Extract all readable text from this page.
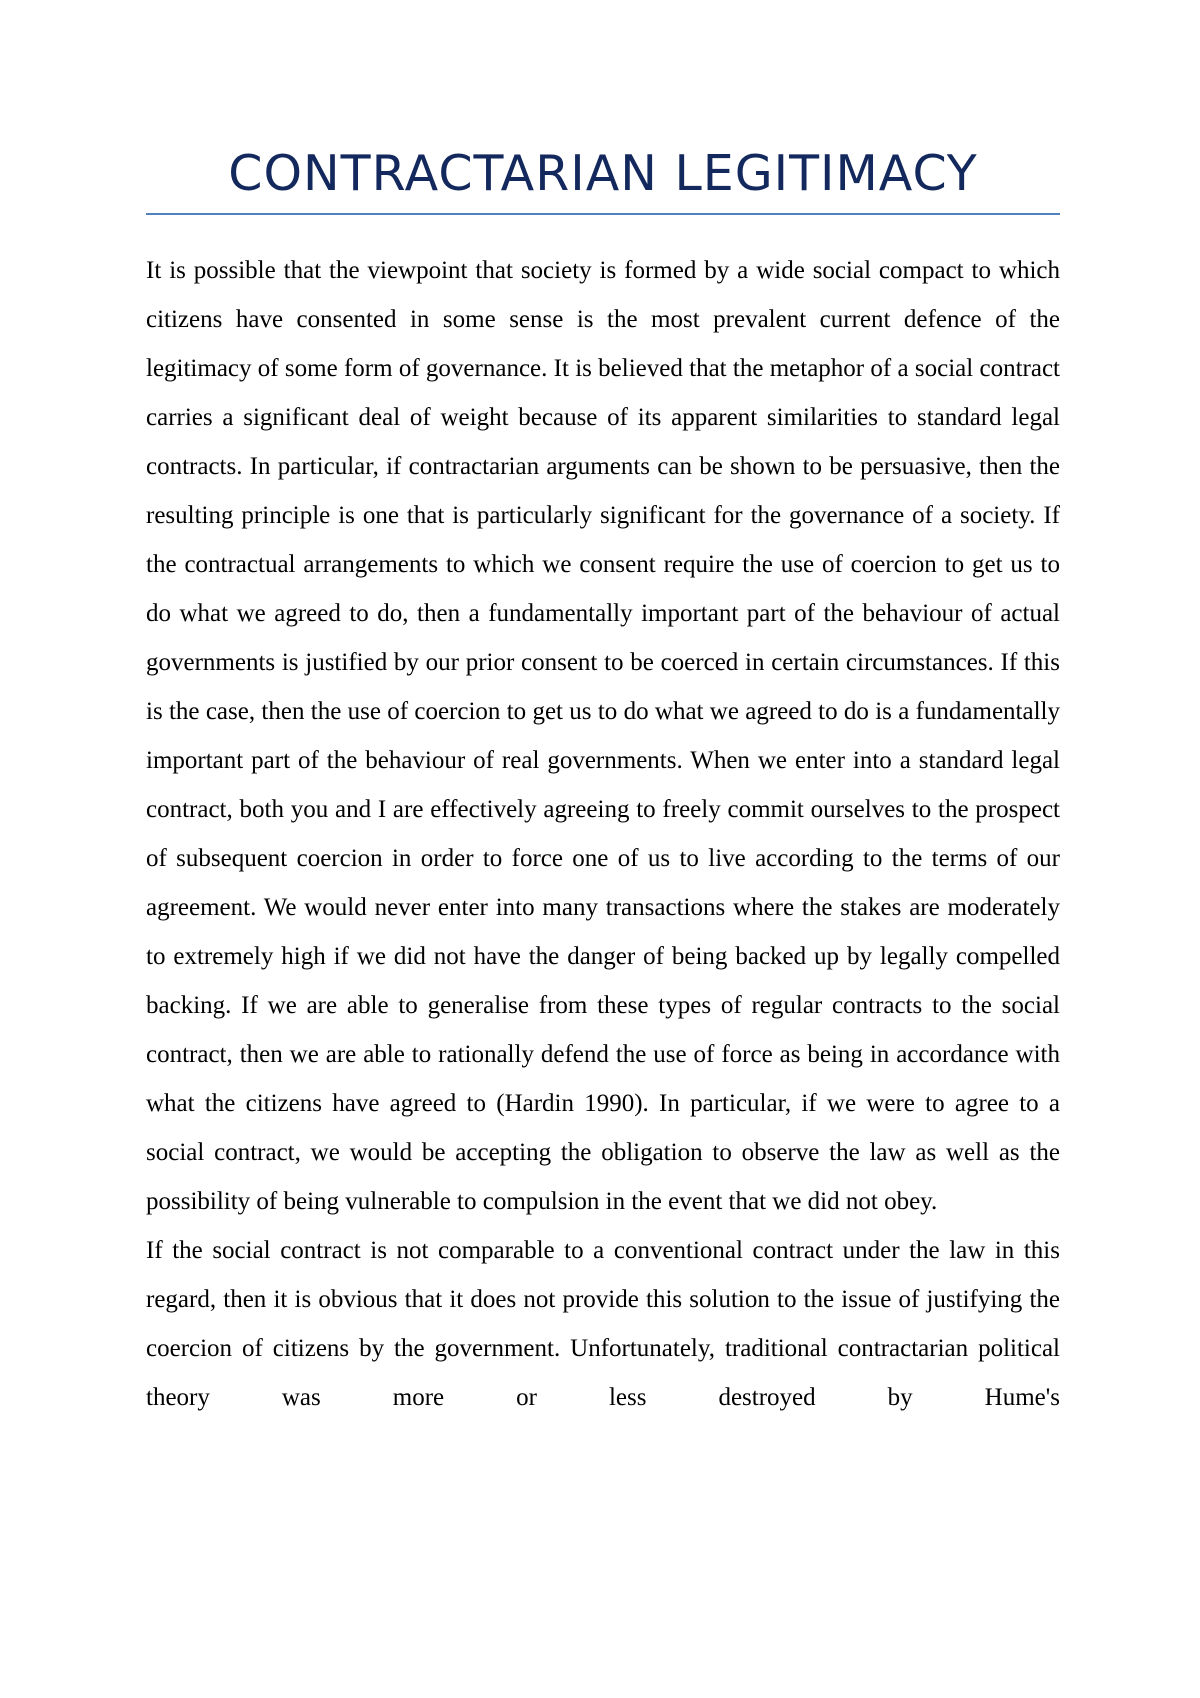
CONTRACTARIAN LEGITIMACY

It is possible that the viewpoint that society is formed by a wide social compact to which citizens have consented in some sense is the most prevalent current defence of the legitimacy of some form of governance. It is believed that the metaphor of a social contract carries a significant deal of weight because of its apparent similarities to standard legal contracts. In particular, if contractarian arguments can be shown to be persuasive, then the resulting principle is one that is particularly significant for the governance of a society. If the contractual arrangements to which we consent require the use of coercion to get us to do what we agreed to do, then a fundamentally important part of the behaviour of actual governments is justified by our prior consent to be coerced in certain circumstances. If this is the case, then the use of coercion to get us to do what we agreed to do is a fundamentally important part of the behaviour of real governments. When we enter into a standard legal contract, both you and I are effectively agreeing to freely commit ourselves to the prospect of subsequent coercion in order to force one of us to live according to the terms of our agreement. We would never enter into many transactions where the stakes are moderately to extremely high if we did not have the danger of being backed up by legally compelled backing. If we are able to generalise from these types of regular contracts to the social contract, then we are able to rationally defend the use of force as being in accordance with what the citizens have agreed to (Hardin 1990). In particular, if we were to agree to a social contract, we would be accepting the obligation to observe the law as well as the possibility of being vulnerable to compulsion in the event that we did not obey.

If the social contract is not comparable to a conventional contract under the law in this regard, then it is obvious that it does not provide this solution to the issue of justifying the coercion of citizens by the government. Unfortunately, traditional contractarian political theory was more or less destroyed by Hume's
